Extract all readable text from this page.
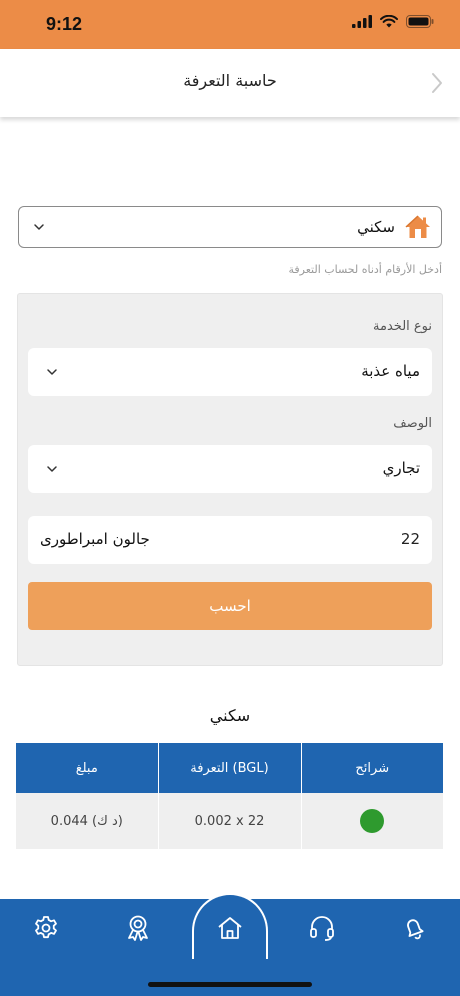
9:12
حاسبة التعرفة
سكني
أدخل الأرقام أدناه لحساب التعرفة
نوع الخدمة
مياه عذبة
الوصف
تجاري
22
جالون امبراطورى
احسب
سكني
مبلغ	التعرفة (BGL)	شرائح
0.044 (د ك)	0.002 x 22	
